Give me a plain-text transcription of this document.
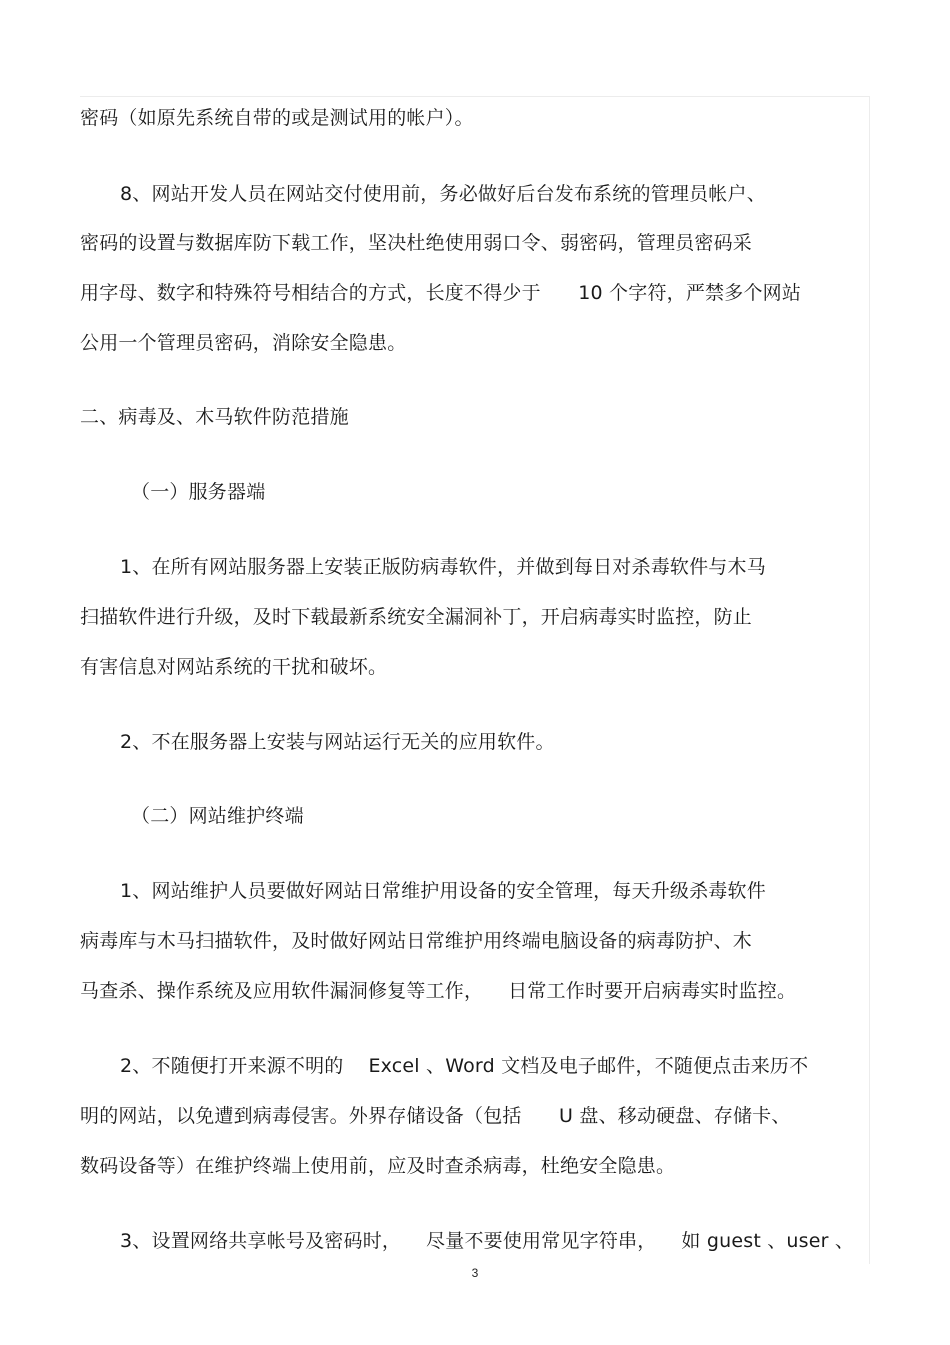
密码（如原先系统自带的或是测试用的帐户）。
8、网站开发人员在网站交付使用前，务必做好后台发布系统的管理员帐户、
密码的设置与数据库防下载工作，坚决杜绝使用弱口令、弱密码，管理员密码采
用字母、数字和特殊符号相结合的方式，长度不得少于      10 个字符，严禁多个网站
公用一个管理员密码，消除安全隐患。
二、病毒及、木马软件防范措施
（一）服务器端
1、在所有网站服务器上安装正版防病毒软件，并做到每日对杀毒软件与木马
扫描软件进行升级，及时下载最新系统安全漏洞补丁，开启病毒实时监控，防止
有害信息对网站系统的干扰和破坏。
2、不在服务器上安装与网站运行无关的应用软件。
（二）网站维护终端
1、网站维护人员要做好网站日常维护用设备的安全管理，每天升级杀毒软件
病毒库与木马扫描软件，及时做好网站日常维护用终端电脑设备的病毒防护、木
马查杀、操作系统及应用软件漏洞修复等工作，    日常工作时要开启病毒实时监控。
2、不随便打开来源不明的    Excel 、Word 文档及电子邮件，不随便点击来历不
明的网站，以免遭到病毒侵害。外界存储设备（包括      U 盘、移动硬盘、存储卡、
数码设备等）在维护终端上使用前，应及时查杀病毒，杜绝安全隐患。
3、设置网络共享帐号及密码时，    尽量不要使用常见字符串，    如 guest 、user 、
3
